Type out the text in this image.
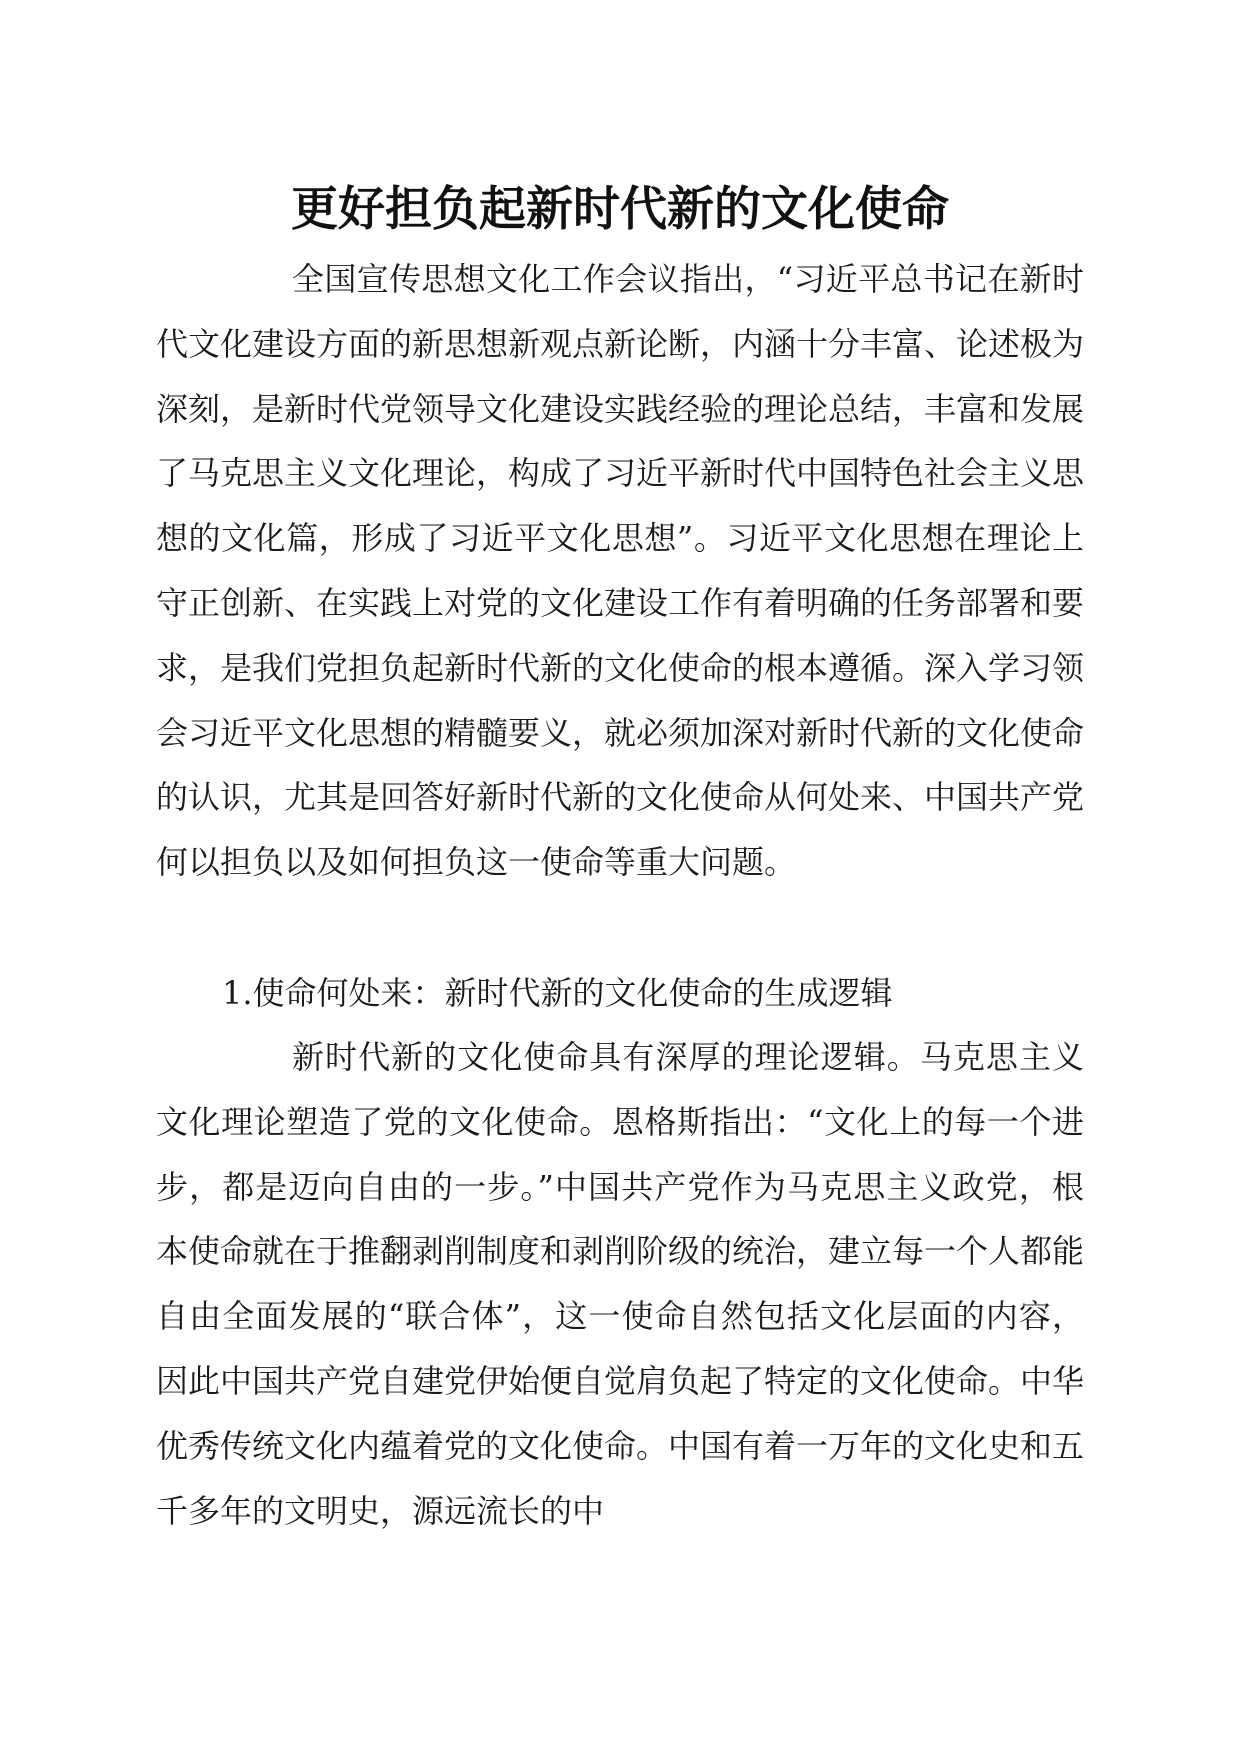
更好担负起新时代新的文化使命

全国宣传思想文化工作会议指出，“习近平总书记在新时代文化建设方面的新思想新观点新论断，内涵十分丰富、论述极为深刻，是新时代党领导文化建设实践经验的理论总结，丰富和发展了马克思主义文化理论，构成了习近平新时代中国特色社会主义思想的文化篇，形成了习近平文化思想”。习近平文化思想在理论上守正创新、在实践上对党的文化建设工作有着明确的任务部署和要求，是我们党担负起新时代新的文化使命的根本遵循。深入学习领会习近平文化思想的精髓要义，就必须加深对新时代新的文化使命的认识，尤其是回答好新时代新的文化使命从何处来、中国共产党何以担负以及如何担负这一使命等重大问题。

1.使命何处来：新时代新的文化使命的生成逻辑

新时代新的文化使命具有深厚的理论逻辑。马克思主义文化理论塑造了党的文化使命。恩格斯指出：“文化上的每一个进步，都是迈向自由的一步。”中国共产党作为马克思主义政党，根本使命就在于推翻剥削制度和剥削阶级的统治，建立每一个人都能自由全面发展的“联合体”，这一使命自然包括文化层面的内容，因此中国共产党自建党伊始便自觉肩负起了特定的文化使命。中华优秀传统文化内蕴着党的文化使命。中国有着一万年的文化史和五千多年的文明史，源远流长的中
